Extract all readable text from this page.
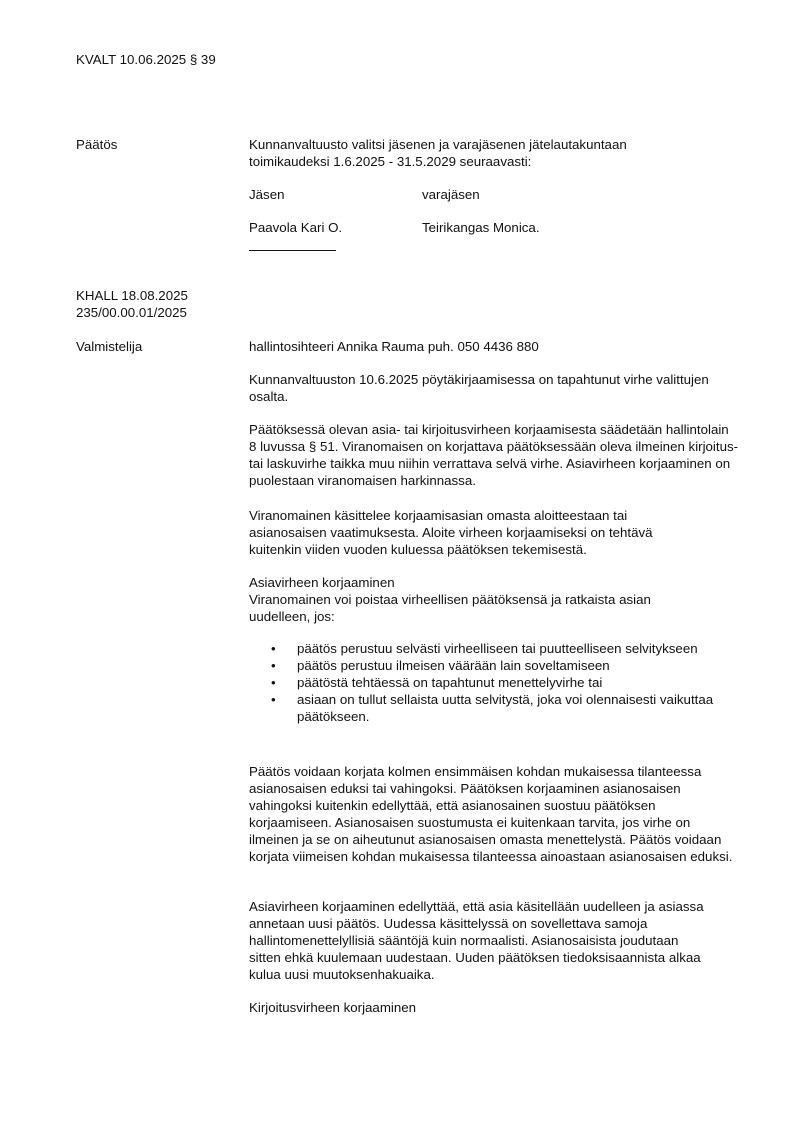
KVALT 10.06.2025 § 39
Päätös	Kunnanvaltuusto valitsi jäsenen ja varajäsenen jätelautakuntaan
toimikaudeksi 1.6.2025 - 31.5.2029 seuraavasti:
Jäsen	varajäsen
Paavola Kari O.	Teirikangas Monica.
KHALL 18.08.2025
235/00.00.01/2025
Valmistelija	hallintosihteeri Annika Rauma puh. 050 4436 880

Kunnanvaltuuston 10.6.2025 pöytäkirjaamisessa on tapahtunut virhe valittujen osalta.

Päätöksessä olevan asia- tai kirjoitusvirheen korjaamisesta säädetään hallintolain 8 luvussa § 51. Viranomaisen on korjattava päätöksessään oleva ilmeinen kirjoitus- tai laskuvirhe taikka muu niihin verrattava selvä virhe. Asiavirheen korjaaminen on puolestaan viranomaisen harkinnassa.

Viranomainen käsittelee korjaamisasian omasta aloitteestaan tai asianosaisen vaatimuksesta. Aloite virheen korjaamiseksi on tehtävä kuitenkin viiden vuoden kuluessa päätöksen tekemisestä.

Asiavirheen korjaaminen

Viranomainen voi poistaa virheellisen päätöksensä ja ratkaista asian uudelleen, jos:

• päätös perustuu selvästi virheelliseen tai puutteelliseen selvitykseen
• päätös perustuu ilmeisen väärään lain soveltamiseen
• päätöstä tehtäessä on tapahtunut menettelyvirhe tai
• asiaan on tullut sellaista uutta selvitystä, joka voi olennaisesti vaikuttaa päätökseen.

Päätös voidaan korjata kolmen ensimmäisen kohdan mukaisessa tilanteessa asianosaisen eduksi tai vahingoksi. Päätöksen korjaaminen asianosaisen vahingoksi kuitenkin edellyttää, että asianosainen suostuu päätöksen korjaamiseen. Asianosaisen suostumusta ei kuitenkaan tarvita, jos virhe on ilmeinen ja se on aiheutunut asianosaisen omasta menettelystä. Päätös voidaan korjata viimeisen kohdan mukaisessa tilanteessa ainoastaan asianosaisen eduksi.

Asiavirheen korjaaminen edellyttää, että asia käsitellään uudelleen ja asiassa annetaan uusi päätös. Uudessa käsittelyssä on sovellettava samoja hallintomenettelyllisiä sääntöjä kuin normaalisti. Asianosaisista joudutaan sitten ehkä kuulemaan uudestaan. Uuden päätöksen tiedoksisaannista alkaa kulua uusi muutoksenhakuaika.

Kirjoitusvirheen korjaaminen
